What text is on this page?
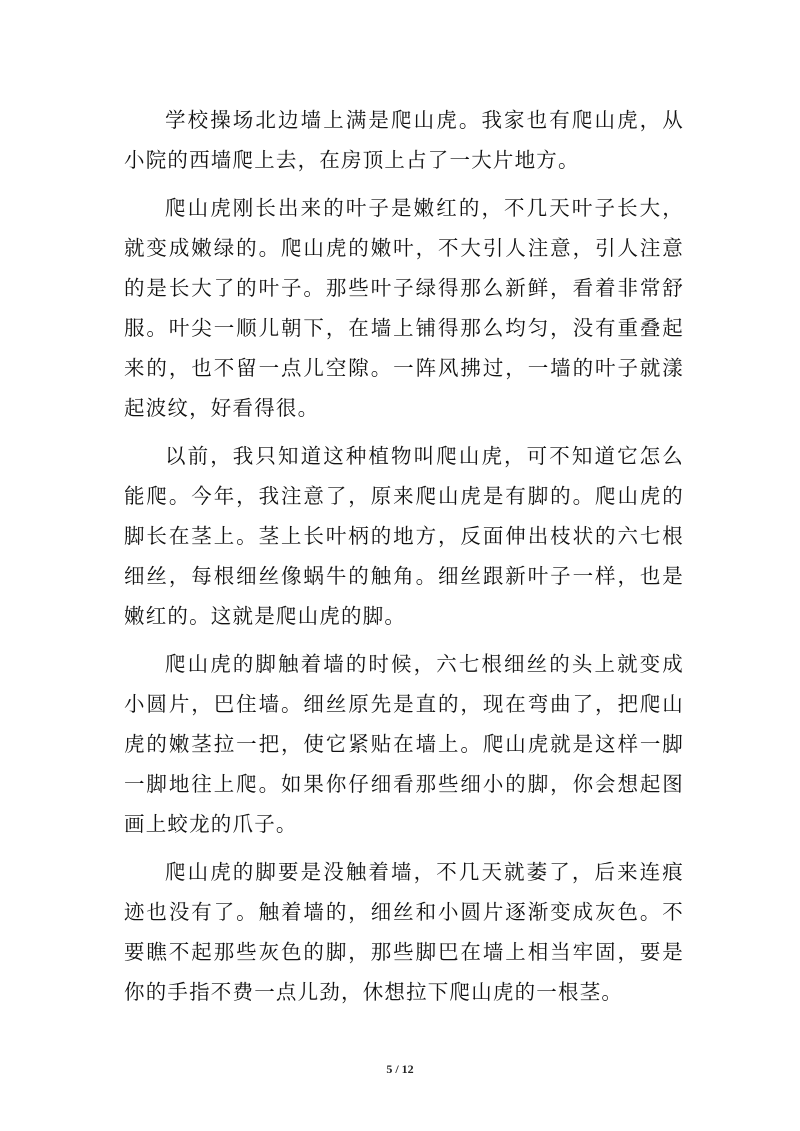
学校操场北边墙上满是爬山虎。我家也有爬山虎，从小院的西墙爬上去，在房顶上占了一大片地方。

爬山虎刚长出来的叶子是嫩红的，不几天叶子长大，就变成嫩绿的。爬山虎的嫩叶，不大引人注意，引人注意的是长大了的叶子。那些叶子绿得那么新鲜，看着非常舒服。叶尖一顺儿朝下，在墙上铺得那么均匀，没有重叠起来的，也不留一点儿空隙。一阵风拂过，一墙的叶子就漾起波纹，好看得很。

以前，我只知道这种植物叫爬山虎，可不知道它怎么能爬。今年，我注意了，原来爬山虎是有脚的。爬山虎的脚长在茎上。茎上长叶柄的地方，反面伸出枝状的六七根细丝，每根细丝像蜗牛的触角。细丝跟新叶子一样，也是嫩红的。这就是爬山虎的脚。

爬山虎的脚触着墙的时候，六七根细丝的头上就变成小圆片，巴住墙。细丝原先是直的，现在弯曲了，把爬山虎的嫩茎拉一把，使它紧贴在墙上。爬山虎就是这样一脚一脚地往上爬。如果你仔细看那些细小的脚，你会想起图画上蛟龙的爪子。

爬山虎的脚要是没触着墙，不几天就萎了，后来连痕迹也没有了。触着墙的，细丝和小圆片逐渐变成灰色。不要瞧不起那些灰色的脚，那些脚巴在墙上相当牢固，要是你的手指不费一点儿劲，休想拉下爬山虎的一根茎。

5 / 12
